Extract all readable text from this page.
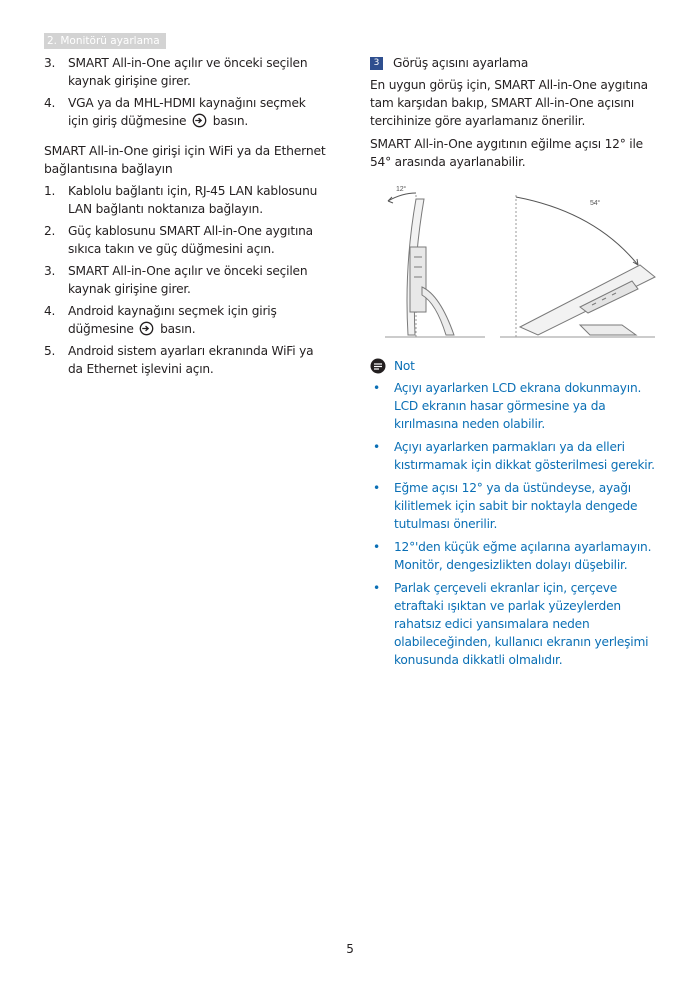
2. Monitörü ayarlama
3. SMART All-in-One açılır ve önceki seçilen kaynak girişine girer.
4. VGA ya da MHL-HDMI kaynağını seçmek için giriş düğmesine basın.
SMART All-in-One girişi için WiFi ya da Ethernet bağlantısına bağlayın
1. Kablolu bağlantı için, RJ-45 LAN kablosunu LAN bağlantı noktanıza bağlayın.
2. Güç kablosunu SMART All-in-One aygıtına sıkıca takın ve güç düğmesini açın.
3. SMART All-in-One açılır ve önceki seçilen kaynak girişine girer.
4. Android kaynağını seçmek için giriş düğmesine basın.
5. Android sistem ayarları ekranında WiFi ya da Ethernet işlevini açın.
3 Görüş açısını ayarlama

En uygun görüş için, SMART All-in-One aygıtına tam karşıdan bakıp, SMART All-in-One açısını tercihinize göre ayarlamanız önerilir.

SMART All-in-One aygıtının eğilme açısı 12° ile 54° arasında ayarlanabilir.

12°
54°
Not
• Açıyı ayarlarken LCD ekrana dokunmayın. LCD ekranın hasar görmesine ya da kırılmasına neden olabilir.
• Açıyı ayarlarken parmakları ya da elleri kıstırmamak için dikkat gösterilmesi gerekir.
• Eğme açısı 12° ya da üstündeyse, ayağı kilitlemek için sabit bir noktayla dengede tutulması önerilir.
• 12°'den küçük eğme açılarına ayarlamayın. Monitör, dengesizlikten dolayı düşebilir.
• Parlak çerçeveli ekranlar için, çerçeve etraftaki ışıktan ve parlak yüzeylerden rahatsız edici yansımalara neden olabileceğinden, kullanıcı ekranın yerleşimi konusunda dikkatli olmalıdır.
5
